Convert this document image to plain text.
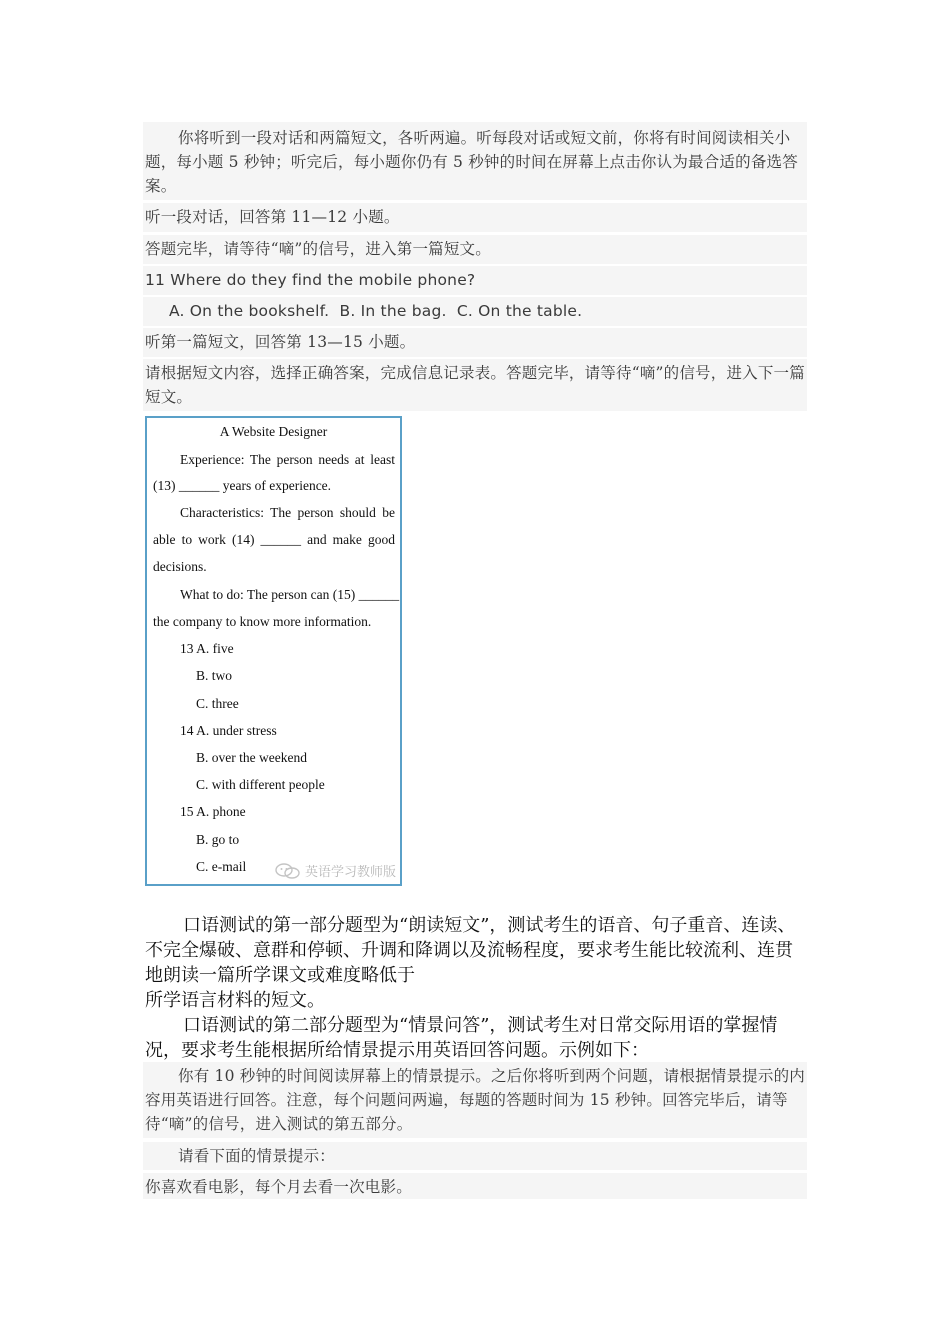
你将听到一段对话和两篇短文，各听两遍。听每段对话或短文前，你将有时间阅读相关小题，每小题 5 秒钟；听完后，每小题你仍有 5 秒钟的时间在屏幕上点击你认为最合适的备选答案。
听一段对话，回答第 11—12 小题。
答题完毕，请等待“嘀”的信号，进入第一篇短文。
11 Where do they find the mobile phone?
A. On the bookshelf.  B. In the bag.  C. On the table.
听第一篇短文，回答第 13—15 小题。
请根据短文内容，选择正确答案，完成信息记录表。答题完毕，请等待“嘀”的信号，进入下一篇短文。
A Website Designer
Experience: The person needs at least
(13) ______ years of experience.
Characteristics: The person should be
able to work (14) ______ and make good
decisions.
What to do: The person can (15) ______
the company to know more information.
13 A. five
B. two
C. three
14 A. under stress
B. over the weekend
C. with different people
15 A. phone
B. go to
C. e-mail	英语学习教师版
口语测试的第一部分题型为“朗读短文”，测试考生的语音、句子重音、连读、不完全爆破、意群和停顿、升调和降调以及流畅程度，要求考生能比较流利、连贯地朗读一篇所学课文或难度略低于
所学语言材料的短文。
口语测试的第二部分题型为“情景问答”，测试考生对日常交际用语的掌握情况，要求考生能根据所给情景提示用英语回答问题。示例如下：
你有 10 秒钟的时间阅读屏幕上的情景提示。之后你将听到两个问题，请根据情景提示的内容用英语进行回答。注意，每个问题问两遍，每题的答题时间为 15 秒钟。回答完毕后，请等待“嘀”的信号，进入测试的第五部分。
请看下面的情景提示：
你喜欢看电影，每个月去看一次电影。
